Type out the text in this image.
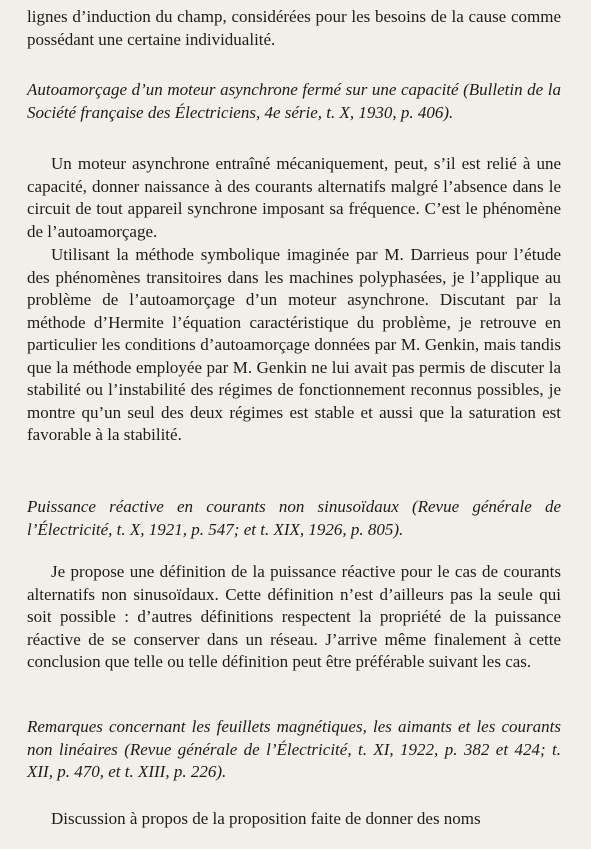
lignes d’induction du champ, considérées pour les besoins de la cause comme possédant une certaine individualité.

Autoamorçage d’un moteur asynchrone fermé sur une capacité (Bulletin de la Société française des Électriciens, 4e série, t. X, 1930, p. 406).

Un moteur asynchrone entraîné mécaniquement, peut, s’il est relié à une capacité, donner naissance à des courants alternatifs malgré l’absence dans le circuit de tout appareil synchrone imposant sa fréquence. C’est le phénomène de l’autoamorçage.

Utilisant la méthode symbolique imaginée par M. Darrieus pour l’étude des phénomènes transitoires dans les machines polyphasées, je l’applique au problème de l’autoamorçage d’un moteur asynchrone. Discutant par la méthode d’Hermite l’équation caractéristique du problème, je retrouve en particulier les conditions d’autoamorçage données par M. Genkin, mais tandis que la méthode employée par M. Genkin ne lui avait pas permis de discuter la stabilité ou l’instabilité des régimes de fonctionnement reconnus possibles, je montre qu’un seul des deux régimes est stable et aussi que la saturation est favorable à la stabilité.

Puissance réactive en courants non sinusoïdaux (Revue générale de l’Électricité, t. X, 1921, p. 547; et t. XIX, 1926, p. 805).

Je propose une définition de la puissance réactive pour le cas de courants alternatifs non sinusoïdaux. Cette définition n’est d’ailleurs pas la seule qui soit possible : d’autres définitions respectent la propriété de la puissance réactive de se conserver dans un réseau. J’arrive même finalement à cette conclusion que telle ou telle définition peut être préférable suivant les cas.

Remarques concernant les feuillets magnétiques, les aimants et les courants non linéaires (Revue générale de l’Électricité, t. XI, 1922, p. 382 et 424; t. XII, p. 470, et t. XIII, p. 226).

Discussion à propos de la proposition faite de donner des noms
